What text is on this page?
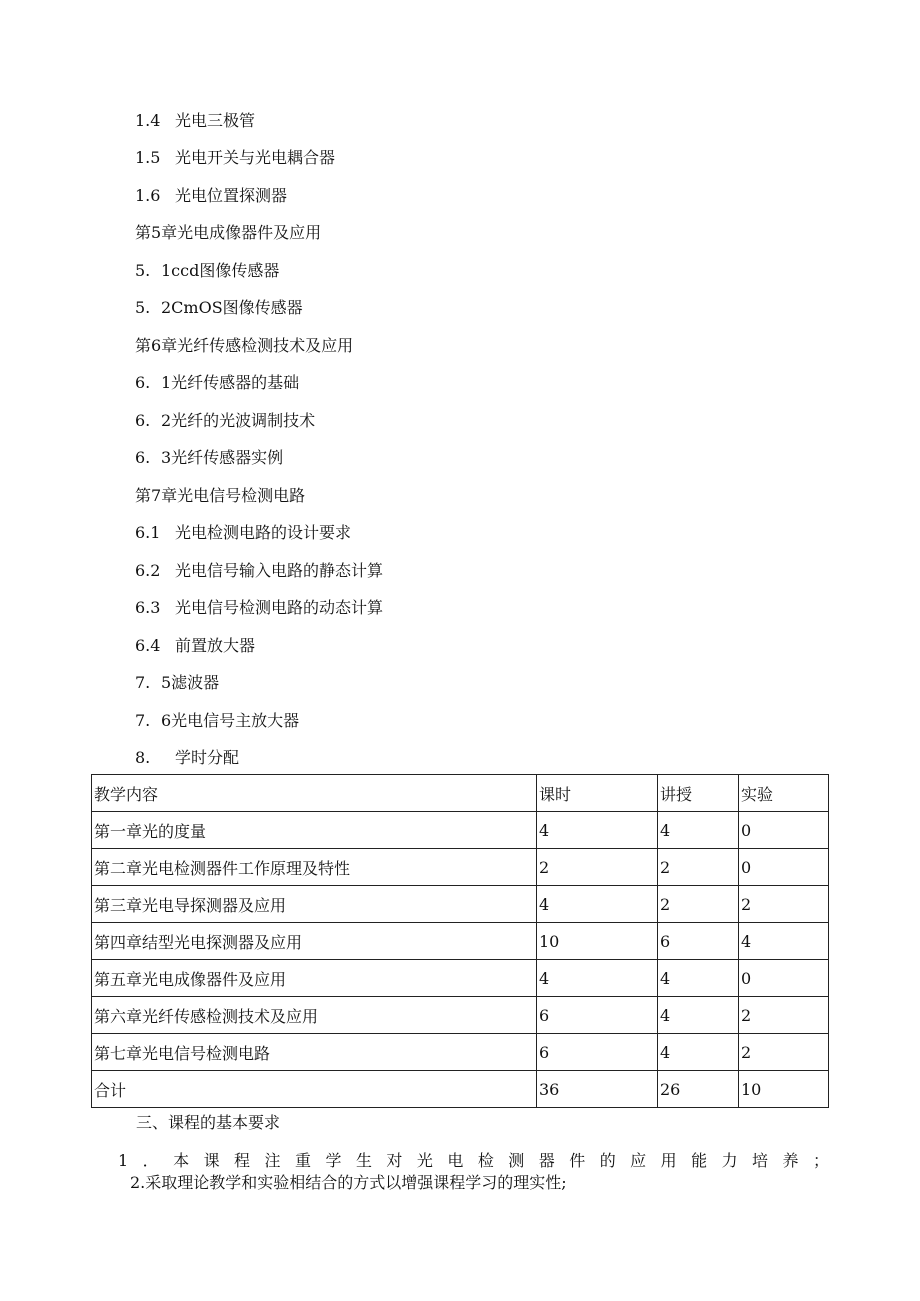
1.4 光电三极管
1.5 光电开关与光电耦合器
1.6 光电位置探测器
第5章光电成像器件及应用
5. 1ccd图像传感器
5. 2CmOS图像传感器
第6章光纤传感检测技术及应用
6. 1光纤传感器的基础
6. 2光纤的光波调制技术
6. 3光纤传感器实例
第7章光电信号检测电路
6.1 光电检测电路的设计要求
6.2 光电信号输入电路的静态计算
6.3 光电信号检测电路的动态计算
6.4 前置放大器
7. 5滤波器
7. 6光电信号主放大器
8. 学时分配
教学内容	课时	讲授	实验
第一章光的度量	4	4	0
第二章光电检测器件工作原理及特性	2	2	0
第三章光电导探测器及应用	4	2	2
第四章结型光电探测器及应用	10	6	4
第五章光电成像器件及应用	4	4	0
第六章光纤传感检测技术及应用	6	4	2
第七章光电信号检测电路	6	4	2
合计	36	26	10
三、课程的基本要求
1．本课程注重学生对光电检测器件的应用能力培养；
2.采取理论教学和实验相结合的方式以增强课程学习的理实性;
